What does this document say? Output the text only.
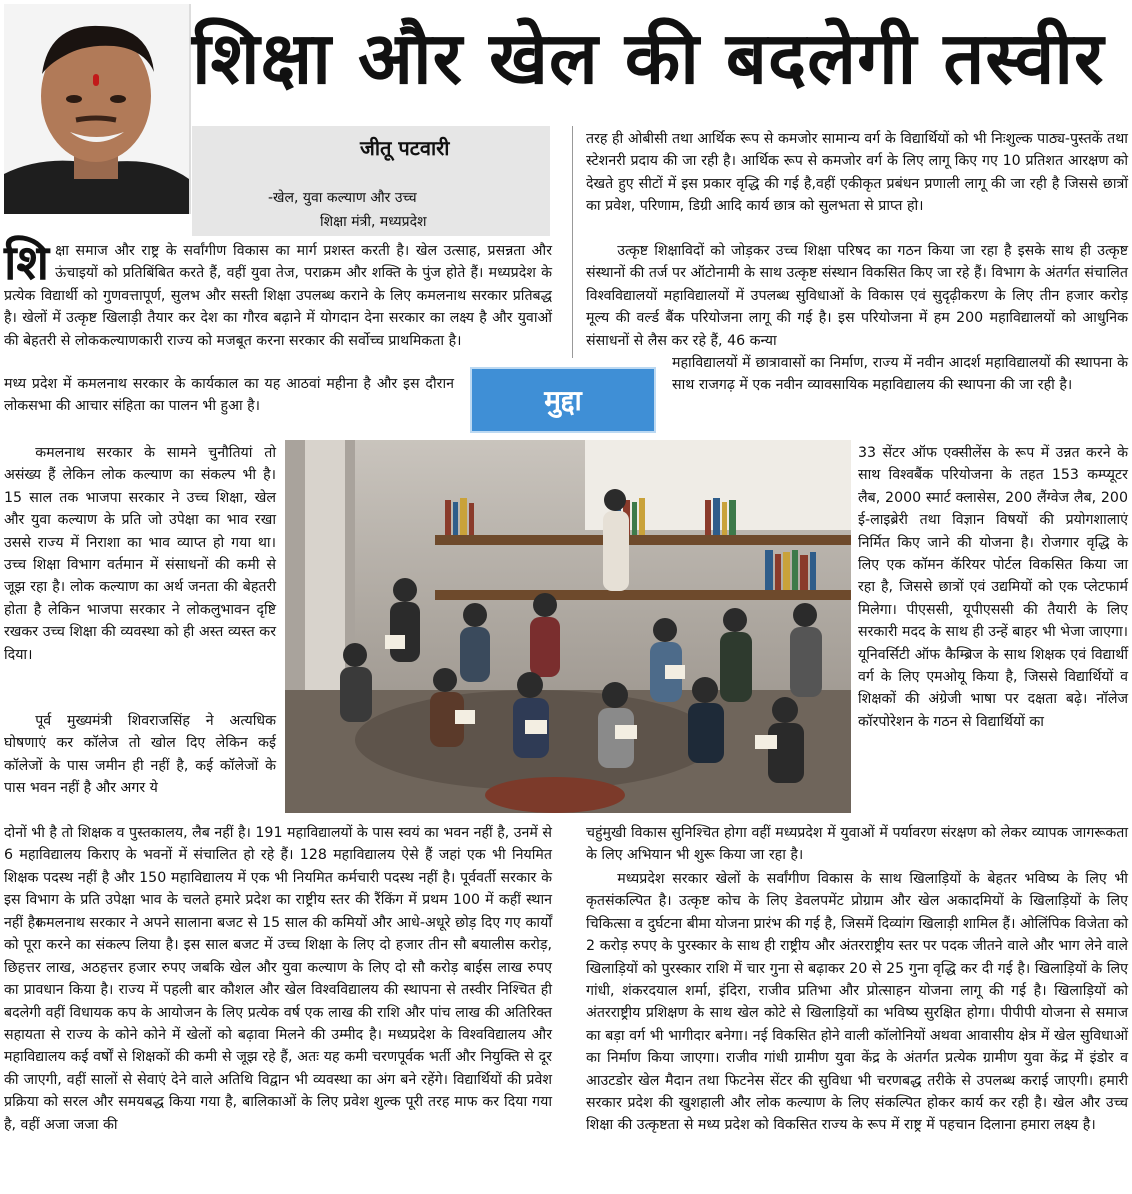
शिक्षा और खेल की बदलेगी तस्वीर
जीतू पटवारी
-खेल, युवा कल्याण और उच्च
शिक्षा मंत्री, मध्यप्रदेश
शि क्षा समाज और राष्ट्र के सर्वांगीण विकास का मार्ग प्रशस्त करती है। खेल उत्साह, प्रसन्नता और ऊंचाइयों को प्रतिबिंबित करते हैं, वहीं युवा तेज, पराक्रम और शक्ति के पुंज होते हैं। मध्यप्रदेश के प्रत्येक विद्यार्थी को गुणवत्तापूर्ण, सुलभ और सस्ती शिक्षा उपलब्ध कराने के लिए कमलनाथ सरकार प्रतिबद्ध है। खेलों में उत्कृष्ट खिलाड़ी तैयार कर देश का गौरव बढ़ाने में योगदान देना सरकार का लक्ष्य है और युवाओं की बेहतरी से लोककल्याणकारी राज्य को मजबूत करना सरकार की सर्वोच्च प्राथमिकता है।
मध्य प्रदेश में कमलनाथ सरकार के कार्यकाल का यह आठवां महीना है और इस दौरान लोकसभा की आचार संहिता का पालन भी हुआ है।
कमलनाथ सरकार के सामने चुनौतियां तो असंख्य हैं लेकिन लोक कल्याण का संकल्प भी है। 15 साल तक भाजपा सरकार ने उच्च शिक्षा, खेल और युवा कल्याण के प्रति जो उपेक्षा का भाव रखा उससे राज्य में निराशा का भाव व्याप्त हो गया था। उच्च शिक्षा विभाग वर्तमान में संसाधनों की कमी से जूझ रहा है। लोक कल्याण का अर्थ जनता की बेहतरी होता है लेकिन भाजपा सरकार ने लोकलुभावन दृष्टि रखकर उच्च शिक्षा की व्यवस्था को ही अस्त व्यस्त कर दिया।
पूर्व मुख्यमंत्री शिवराजसिंह ने अत्यधिक घोषणाएं कर कॉलेज तो खोल दिए लेकिन कई कॉलेजों के पास जमीन ही नहीं है, कई कॉलेजों के पास भवन नहीं है और अगर ये
तरह ही ओबीसी तथा आर्थिक रूप से कमजोर सामान्य वर्ग के विद्यार्थियों को भी निःशुल्क पाठ्य-पुस्तकें तथा स्टेशनरी प्रदाय की जा रही है। आर्थिक रूप से कमजोर वर्ग के लिए लागू किए गए 10 प्रतिशत आरक्षण को देखते हुए सीटों में इस प्रकार वृद्धि की गई है,वहीं एकीकृत प्रबंधन प्रणाली लागू की जा रही है जिससे छात्रों का प्रवेश, परिणाम, डिग्री आदि कार्य छात्र को सुलभता से प्राप्त हो।
उत्कृष्ट शिक्षाविदों को जोड़कर उच्च शिक्षा परिषद का गठन किया जा रहा है इसके साथ ही उत्कृष्ट संस्थानों की तर्ज पर ऑटोनामी के साथ उत्कृष्ट संस्थान विकसित किए जा रहे हैं। विभाग के अंतर्गत संचालित विश्वविद्यालयों महाविद्यालयों में उपलब्ध सुविधाओं के विकास एवं सुदृढ़ीकरण के लिए तीन हजार करोड़ मूल्य की वर्ल्ड बैंक परियोजना लागू की गई है। इस परियोजना में हम 200 महाविद्यालयों को आधुनिक संसाधनों से लैस कर रहे हैं, 46 कन्या
महाविद्यालयों में छात्रावासों का निर्माण, राज्य में नवीन आदर्श महाविद्यालयों की स्थापना के साथ राजगढ़ में एक नवीन व्यावसायिक महाविद्यालय की स्थापना की जा रही है।
मुद्दा
33 सेंटर ऑफ एक्सीलेंस के रूप में उन्नत करने के साथ विश्वबैंक परियोजना के तहत 153 कम्प्यूटर लैब, 2000 स्मार्ट क्लासेस, 200 लैंग्वेज लैब, 200 ई-लाइब्रेरी तथा विज्ञान विषयों की प्रयोगशालाएं निर्मित किए जाने की योजना है। रोजगार वृद्धि के लिए एक कॉमन कॅरियर पोर्टल विकसित किया जा रहा है, जिससे छात्रों एवं उद्यमियों को एक प्लेटफार्म मिलेगा। पीएससी, यूपीएससी की तैयारी के लिए सरकारी मदद के साथ ही उन्हें बाहर भी भेजा जाएगा। यूनिवर्सिटी ऑफ कैम्ब्रिज के साथ शिक्षक एवं विद्यार्थी वर्ग के लिए एमओयू किया है, जिससे विद्यार्थियों व शिक्षकों की अंग्रेजी भाषा पर दक्षता बढ़े। नॉलेज कॉरपोरेशन के गठन से विद्यार्थियों का
दोनों भी है तो शिक्षक व पुस्तकालय, लैब नहीं है। 191 महाविद्यालयों के पास स्वयं का भवन नहीं है, उनमें से 6 महाविद्यालय किराए के भवनों में संचालित हो रहे हैं। 128 महाविद्यालय ऐसे हैं जहां एक भी नियमित शिक्षक पदस्थ नहीं है और 150 महाविद्यालय में एक भी नियमित कर्मचारी पदस्थ नहीं है। पूर्ववर्ती सरकार के इस विभाग के प्रति उपेक्षा भाव के चलते हमारे प्रदेश का राष्ट्रीय स्तर की रैंकिंग में प्रथम 100 में कहीं स्थान नहीं है।
कमलनाथ सरकार ने अपने सालाना बजट से 15 साल की कमियों और आधे-अधूरे छोड़ दिए गए कार्यों को पूरा करने का संकल्प लिया है। इस साल बजट में उच्च शिक्षा के लिए दो हजार तीन सौ बयालीस करोड़, छिहत्तर लाख, अठहत्तर हजार रुपए जबकि खेल और युवा कल्याण के लिए दो सौ करोड़ बाईस लाख रुपए का प्रावधान किया है। राज्य में पहली बार कौशल और खेल विश्वविद्यालय की स्थापना से तस्वीर निश्चित ही बदलेगी वहीं विधायक कप के आयोजन के लिए प्रत्येक वर्ष एक लाख की राशि और पांच लाख की अतिरिक्त सहायता से राज्य के कोने कोने में खेलों को बढ़ावा मिलने की उम्मीद है। मध्यप्रदेश के विश्वविद्यालय और महाविद्यालय कई वर्षों से शिक्षकों की कमी से जूझ रहे हैं, अतः यह कमी चरणपूर्वक भर्ती और नियुक्ति से दूर की जाएगी, वहीं सालों से सेवाएं देने वाले अतिथि विद्वान भी व्यवस्था का अंग बने रहेंगे। विद्यार्थियों की प्रवेश प्रक्रिया को सरल और समयबद्ध किया गया है, बालिकाओं के लिए प्रवेश शुल्क पूरी तरह माफ कर दिया गया है, वहीं अजा जजा की
चहुंमुखी विकास सुनिश्चित होगा वहीं मध्यप्रदेश में युवाओं में पर्यावरण संरक्षण को लेकर व्यापक जागरूकता के लिए अभियान भी शुरू किया जा रहा है।
मध्यप्रदेश सरकार खेलों के सर्वांगीण विकास के साथ खिलाड़ियों के बेहतर भविष्य के लिए भी कृतसंकल्पित है। उत्कृष्ट कोच के लिए डेवलपमेंट प्रोग्राम और खेल अकादमियों के खिलाड़ियों के लिए चिकित्सा व दुर्घटना बीमा योजना प्रारंभ की गई है, जिसमें दिव्यांग खिलाड़ी शामिल हैं। ओलिंपिक विजेता को 2 करोड़ रुपए के पुरस्कार के साथ ही राष्ट्रीय और अंतरराष्ट्रीय स्तर पर पदक जीतने वाले और भाग लेने वाले खिलाड़ियों को पुरस्कार राशि में चार गुना से बढ़ाकर 20 से 25 गुना वृद्धि कर दी गई है। खिलाड़ियों के लिए गांधी, शंकरदयाल शर्मा, इंदिरा, राजीव प्रतिभा और प्रोत्साहन योजना लागू की गई है। खिलाड़ियों को अंतरराष्ट्रीय प्रशिक्षण के साथ खेल कोटे से खिलाड़ियों का भविष्य सुरक्षित होगा। पीपीपी योजना से समाज का बड़ा वर्ग भी भागीदार बनेगा। नई विकसित होने वाली कॉलोनियों अथवा आवासीय क्षेत्र में खेल सुविधाओं का निर्माण किया जाएगा। राजीव गांधी ग्रामीण युवा केंद्र के अंतर्गत प्रत्येक ग्रामीण युवा केंद्र में इंडोर व आउटडोर खेल मैदान तथा फिटनेस सेंटर की सुविधा भी चरणबद्ध तरीके से उपलब्ध कराई जाएगी। हमारी सरकार प्रदेश की खुशहाली और लोक कल्याण के लिए संकल्पित होकर कार्य कर रही है। खेल और उच्च शिक्षा की उत्कृष्टता से मध्य प्रदेश को विकसित राज्य के रूप में राष्ट्र में पहचान दिलाना हमारा लक्ष्य है।
